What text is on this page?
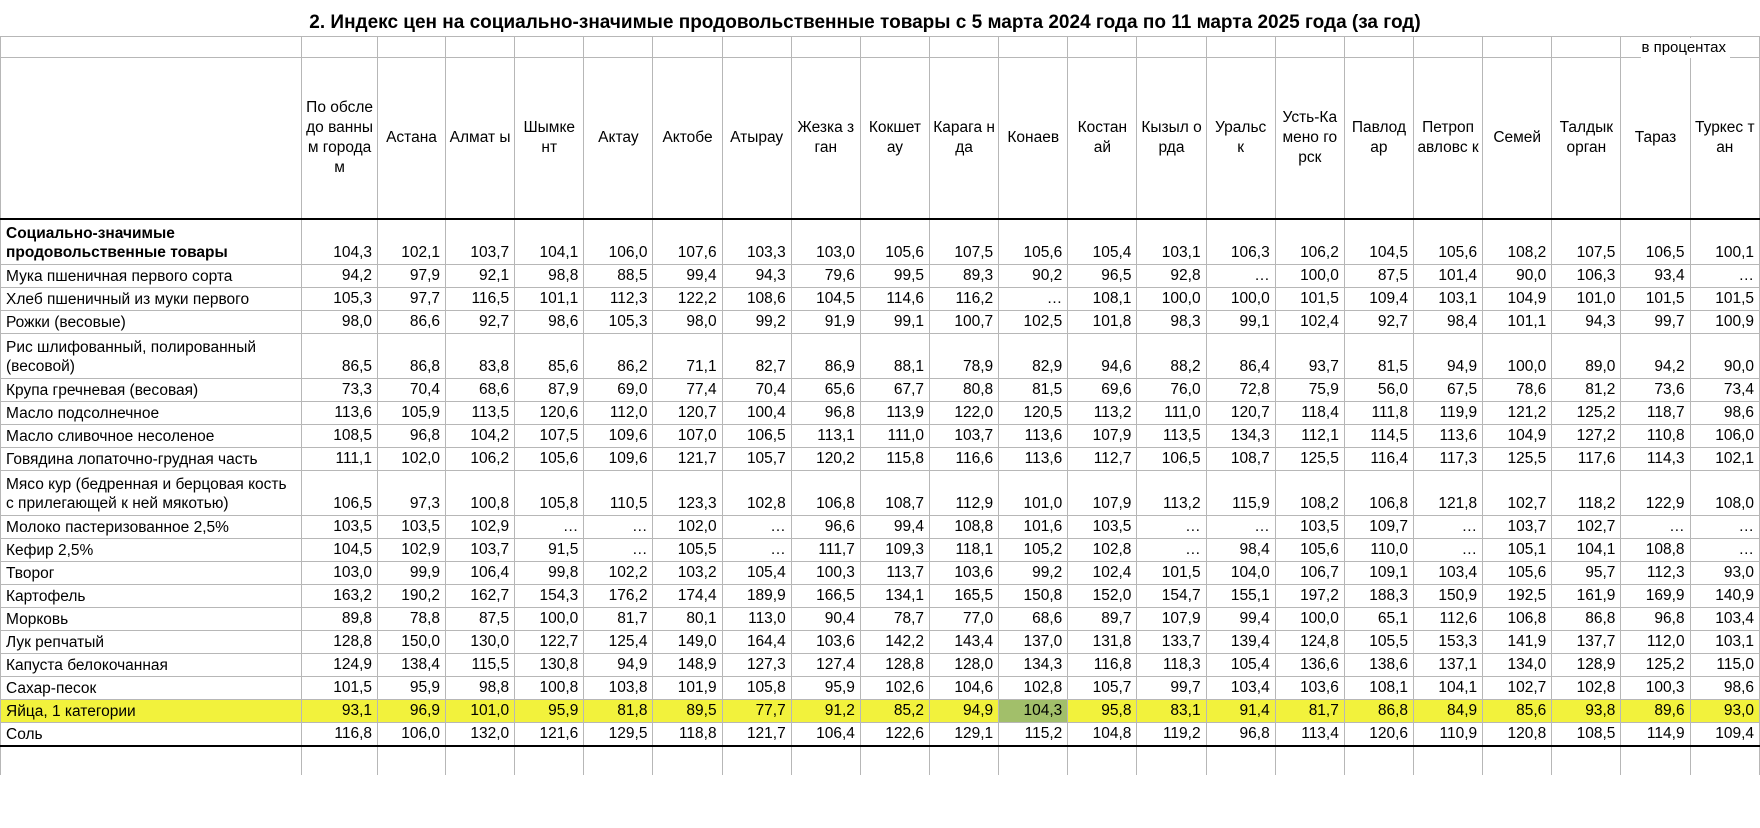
2. Индекс цен на социально-значимые продовольственные товары с 5 марта 2024 года по 11 марта 2025 года (за год)

	По обследо ванным городам	Астана	Алмат ы	Шымке нт	Актау	Актобе	Атырау	Жезка зган	Кокшет ау	Карага нда	Конаев	Костан ай	Кызыл орда	Уральс к	Усть-Камено горск	Павлод ар	Петроп авловс к	Семей	Талдык орган	Тараз	Туркес тан
Социально-значимые продовольственные товары	104,3	102,1	103,7	104,1	106,0	107,6	103,3	103,0	105,6	107,5	105,6	105,4	103,1	106,3	106,2	104,5	105,6	108,2	107,5	106,5	100,1
Мука пшеничная первого сорта	94,2	97,9	92,1	98,8	88,5	99,4	94,3	79,6	99,5	89,3	90,2	96,5	92,8	…	100,0	87,5	101,4	90,0	106,3	93,4	…
Хлеб пшеничный из муки первого	105,3	97,7	116,5	101,1	112,3	122,2	108,6	104,5	114,6	116,2	…	108,1	100,0	100,0	101,5	109,4	103,1	104,9	101,0	101,5	101,5
Рожки (весовые)	98,0	86,6	92,7	98,6	105,3	98,0	99,2	91,9	99,1	100,7	102,5	101,8	98,3	99,1	102,4	92,7	98,4	101,1	94,3	99,7	100,9
Рис шлифованный, полированный (весовой)	86,5	86,8	83,8	85,6	86,2	71,1	82,7	86,9	88,1	78,9	82,9	94,6	88,2	86,4	93,7	81,5	94,9	100,0	89,0	94,2	90,0
Крупа гречневая (весовая)	73,3	70,4	68,6	87,9	69,0	77,4	70,4	65,6	67,7	80,8	81,5	69,6	76,0	72,8	75,9	56,0	67,5	78,6	81,2	73,6	73,4
Масло подсолнечное	113,6	105,9	113,5	120,6	112,0	120,7	100,4	96,8	113,9	122,0	120,5	113,2	111,0	120,7	118,4	111,8	119,9	121,2	125,2	118,7	98,6
Масло сливочное несоленое	108,5	96,8	104,2	107,5	109,6	107,0	106,5	113,1	111,0	103,7	113,6	107,9	113,5	134,3	112,1	114,5	113,6	104,9	127,2	110,8	106,0
Говядина лопаточно-грудная часть	111,1	102,0	106,2	105,6	109,6	121,7	105,7	120,2	115,8	116,6	113,6	112,7	106,5	108,7	125,5	116,4	117,3	125,5	117,6	114,3	102,1
Мясо кур (бедренная и берцовая кость с прилегающей к ней мякотью)	106,5	97,3	100,8	105,8	110,5	123,3	102,8	106,8	108,7	112,9	101,0	107,9	113,2	115,9	108,2	106,8	121,8	102,7	118,2	122,9	108,0
Молоко пастеризованное 2,5%	103,5	103,5	102,9	…	…	102,0	…	96,6	99,4	108,8	101,6	103,5	…	…	103,5	109,7	…	103,7	102,7	…	…
Кефир 2,5%	104,5	102,9	103,7	91,5	…	105,5	…	111,7	109,3	118,1	105,2	102,8	…	98,4	105,6	110,0	…	105,1	104,1	108,8	…
Творог	103,0	99,9	106,4	99,8	102,2	103,2	105,4	100,3	113,7	103,6	99,2	102,4	101,5	104,0	106,7	109,1	103,4	105,6	95,7	112,3	93,0
Картофель	163,2	190,2	162,7	154,3	176,2	174,4	189,9	166,5	134,1	165,5	150,8	152,0	154,7	155,1	197,2	188,3	150,9	192,5	161,9	169,9	140,9
Морковь	89,8	78,8	87,5	100,0	81,7	80,1	113,0	90,4	78,7	77,0	68,6	89,7	107,9	99,4	100,0	65,1	112,6	106,8	86,8	96,8	103,4
Лук репчатый	128,8	150,0	130,0	122,7	125,4	149,0	164,4	103,6	142,2	143,4	137,0	131,8	133,7	139,4	124,8	105,5	153,3	141,9	137,7	112,0	103,1
Капуста белокочанная	124,9	138,4	115,5	130,8	94,9	148,9	127,3	127,4	128,8	128,0	134,3	116,8	118,3	105,4	136,6	138,6	137,1	134,0	128,9	125,2	115,0
Сахар-песок	101,5	95,9	98,8	100,8	103,8	101,9	105,8	95,9	102,6	104,6	102,8	105,7	99,7	103,4	103,6	108,1	104,1	102,7	102,8	100,3	98,6
Яйца, 1 категории	93,1	96,9	101,0	95,9	81,8	89,5	77,7	91,2	85,2	94,9	104,3	95,8	83,1	91,4	81,7	86,8	84,9	85,6	93,8	89,6	93,0
Соль	116,8	106,0	132,0	121,6	129,5	118,8	121,7	106,4	122,6	129,1	115,2	104,8	119,2	96,8	113,4	120,6	110,9	120,8	108,5	114,9	109,4

в процентах
